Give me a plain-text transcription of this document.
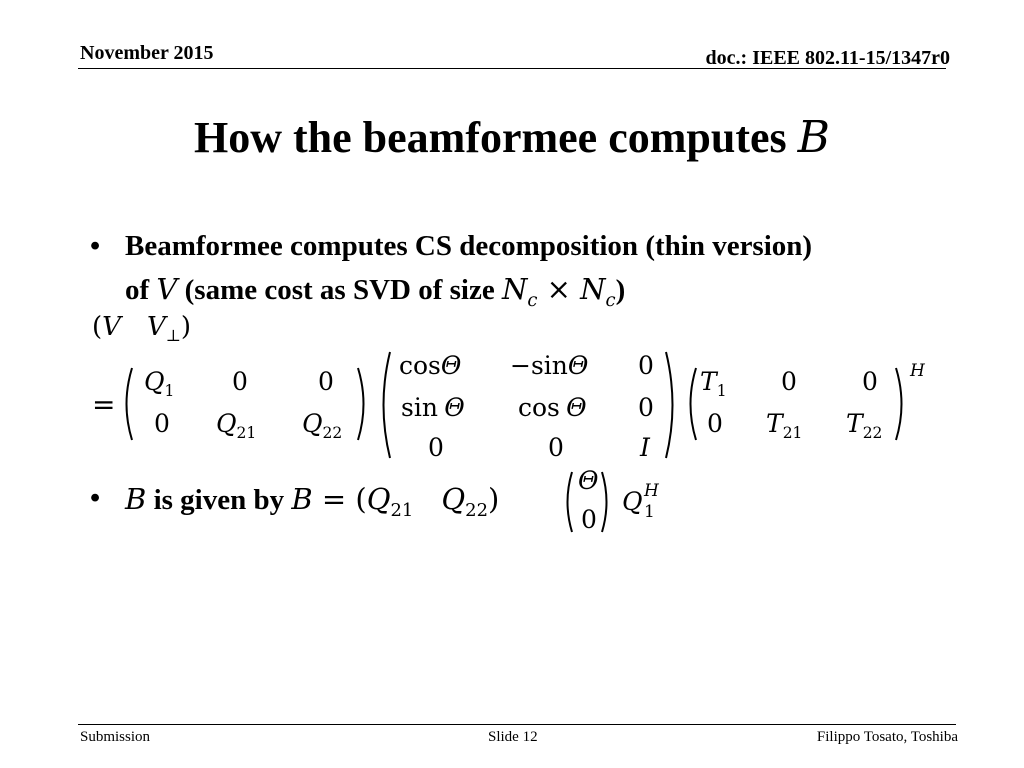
November 2015	doc.: IEEE 802.11-15/1347r0
How the beamformee computes B
• Beamformee computes CS decomposition (thin version)
of V (same cost as SVD of size $N_c \times N_c$)
(V $V_\perp$)
=
$Q_1$ 0	0
0 $Q_{21}$ $Q_{22}$
cosΘ −sinΘ 0
sin Θ cos Θ 0
0	0	I
$T_1$ 0	0
0 $T_{21}$ $T_{22}$
H
• B is given by $B = (Q_{21}$ $Q_{22}$)
Θ
0
Q H
1
Submission	Slide 12	Filippo Tosato, Toshiba
